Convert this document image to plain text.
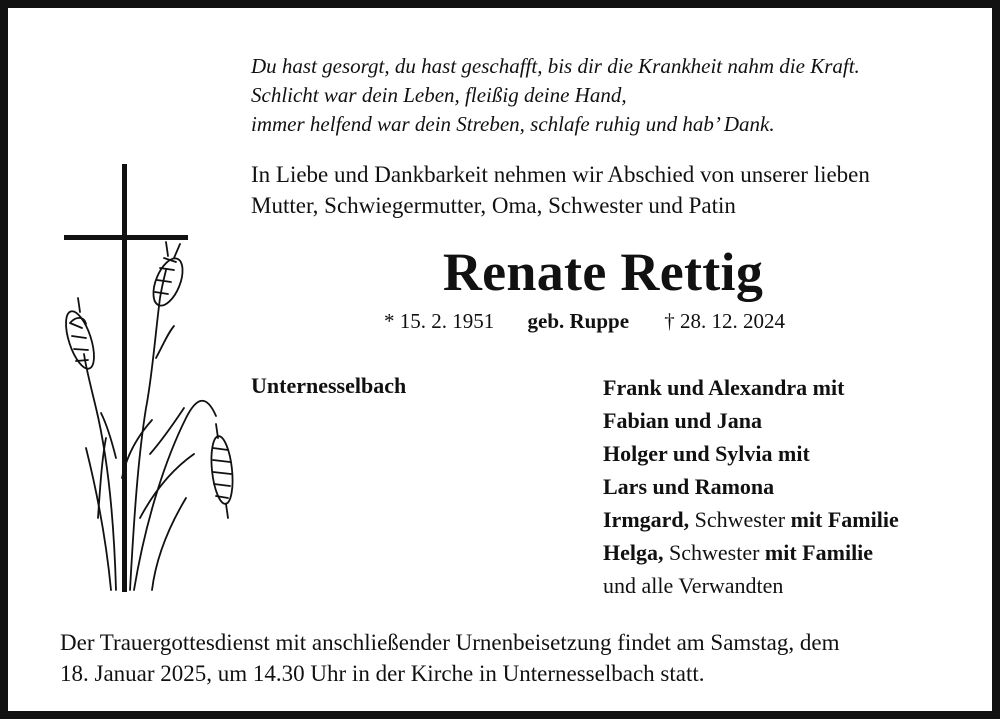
Du hast gesorgt, du hast geschafft, bis dir die Krankheit nahm die Kraft.
Schlicht war dein Leben, fleißig deine Hand,
immer helfend war dein Streben, schlafe ruhig und hab’ Dank.
In Liebe und Dankbarkeit nehmen wir Abschied von unserer lieben
Mutter, Schwiegermutter, Oma, Schwester und Patin
Renate Rettig
* 15. 2. 1951 geb. Ruppe † 28. 12. 2024
Unternesselbach	Frank und Alexandra mit
Fabian und Jana
Holger und Sylvia mit
Lars und Ramona
Irmgard, Schwester mit Familie
Helga, Schwester mit Familie
und alle Verwandten
Der Trauergottesdienst mit anschließender Urnenbeisetzung findet am Samstag, dem
18. Januar 2025, um 14.30 Uhr in der Kirche in Unternesselbach statt.
